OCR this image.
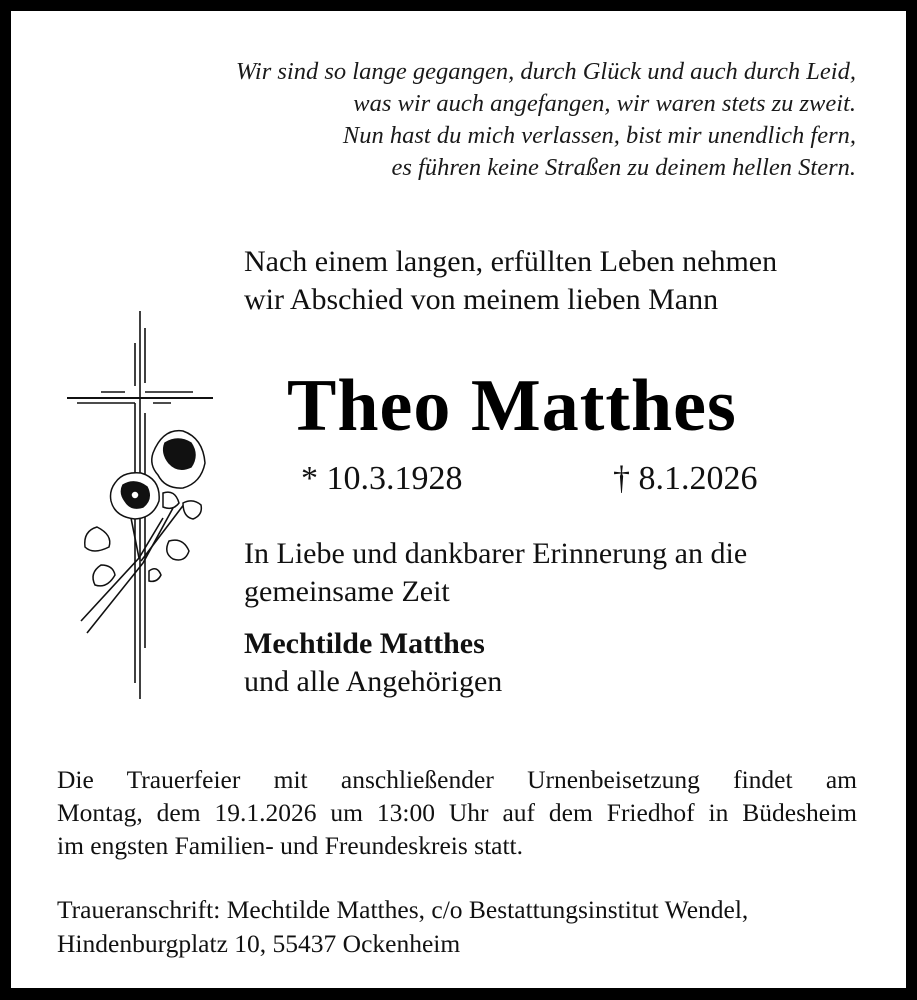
Wir sind so lange gegangen, durch Glück und auch durch Leid,
was wir auch angefangen, wir waren stets zu zweit.
Nun hast du mich verlassen, bist mir unendlich fern,
es führen keine Straßen zu deinem hellen Stern.
Nach einem langen, erfüllten Leben nehmen
wir Abschied von meinem lieben Mann
Theo Matthes
* 10.3.1928	† 8.1.2026
In Liebe und dankbarer Erinnerung an die
gemeinsame Zeit
Mechtilde Matthes
und alle Angehörigen
Die Trauerfeier mit anschließender Urnenbeisetzung findet am
Montag, dem 19.1.2026 um 13:00 Uhr auf dem Friedhof in Büdesheim
im engsten Familien- und Freundeskreis statt.
Traueranschrift: Mechtilde Matthes, c/o Bestattungsinstitut Wendel,
Hindenburgplatz 10, 55437 Ockenheim
